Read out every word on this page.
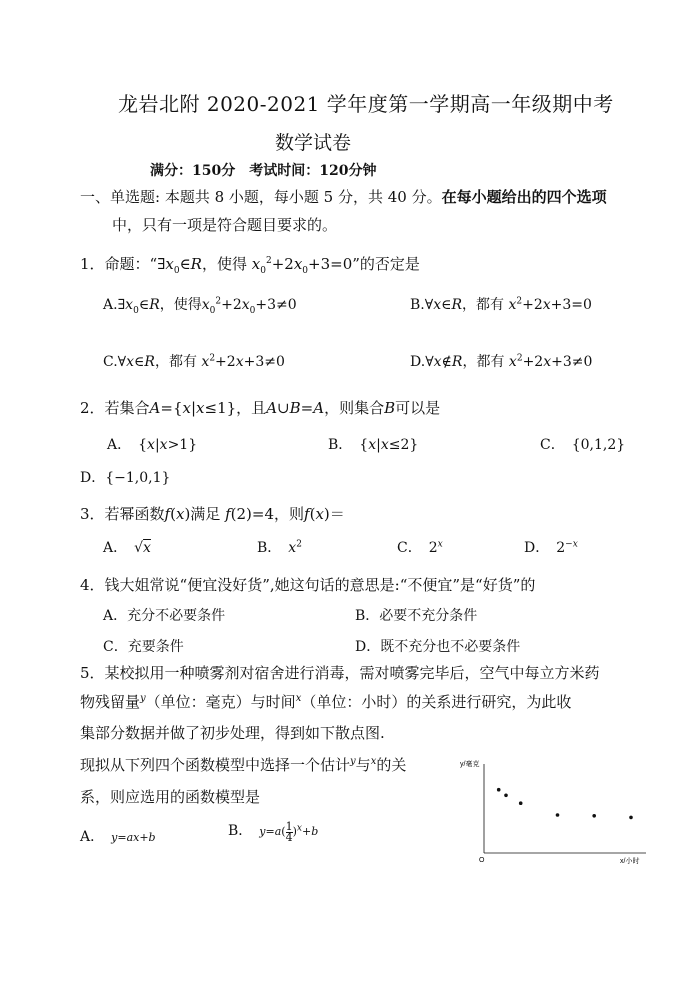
龙岩北附 2020-2021 学年度第一学期高一年级期中考
数学试卷
满分：150分　考试时间：120分钟
一、单选题: 本题共 8 小题，每小题 5 分，共 40 分。在每小题给出的四个选项
中，只有一项是符合题目要求的。
1．命题：“$\exists x_0\in R$，使得 $x_0^2+2x_0+3=0$”的否定是
$A.\exists x_0\in R$，使得$x_0^2+2x_0+3\ne 0$	B.∀x∈R，都有 $x^2+2x+3=0$
C.∀x∈R，都有 $x^2+2x+3\ne 0$	D.∀x∉R，都有 $x^2+2x+3\ne 0$
2．若集合A={x|x≤1}，且A∪B=A，则集合B可以是
A．　{x|x>1}	B．　{x|x≤2}	C．　{0,1,2}
D．{−1,0,1}
3．若幂函数f(x)满足 f(2)=4，则f(x)＝
A．　√x	B．　 $x^2$	C．　2$^x$	D．　$2^{-x}$
4．钱大姐常说“便宜没好货”,她这句话的意思是:“不便宜”是“好货”的
A．充分不必要条件	B．必要不充分条件
C．充要条件	D．既不充分也不必要条件
5．某校拟用一种喷雾剂对宿舍进行消毒，需对喷雾完毕后，空气中每立方米药
物残留量$^y$（单位：毫克）与时间$^x$（单位：小时）的关系进行研究，为此收
集部分数据并做了初步处理，得到如下散点图.
现拟从下列四个函数模型中选择一个估计$^y$与$^x$的关
系，则应选用的函数模型是
A．　 y=ax+b	B．　 $y=a( \frac{1}{4} )^x+b$
y/毫克
x/小时
O
